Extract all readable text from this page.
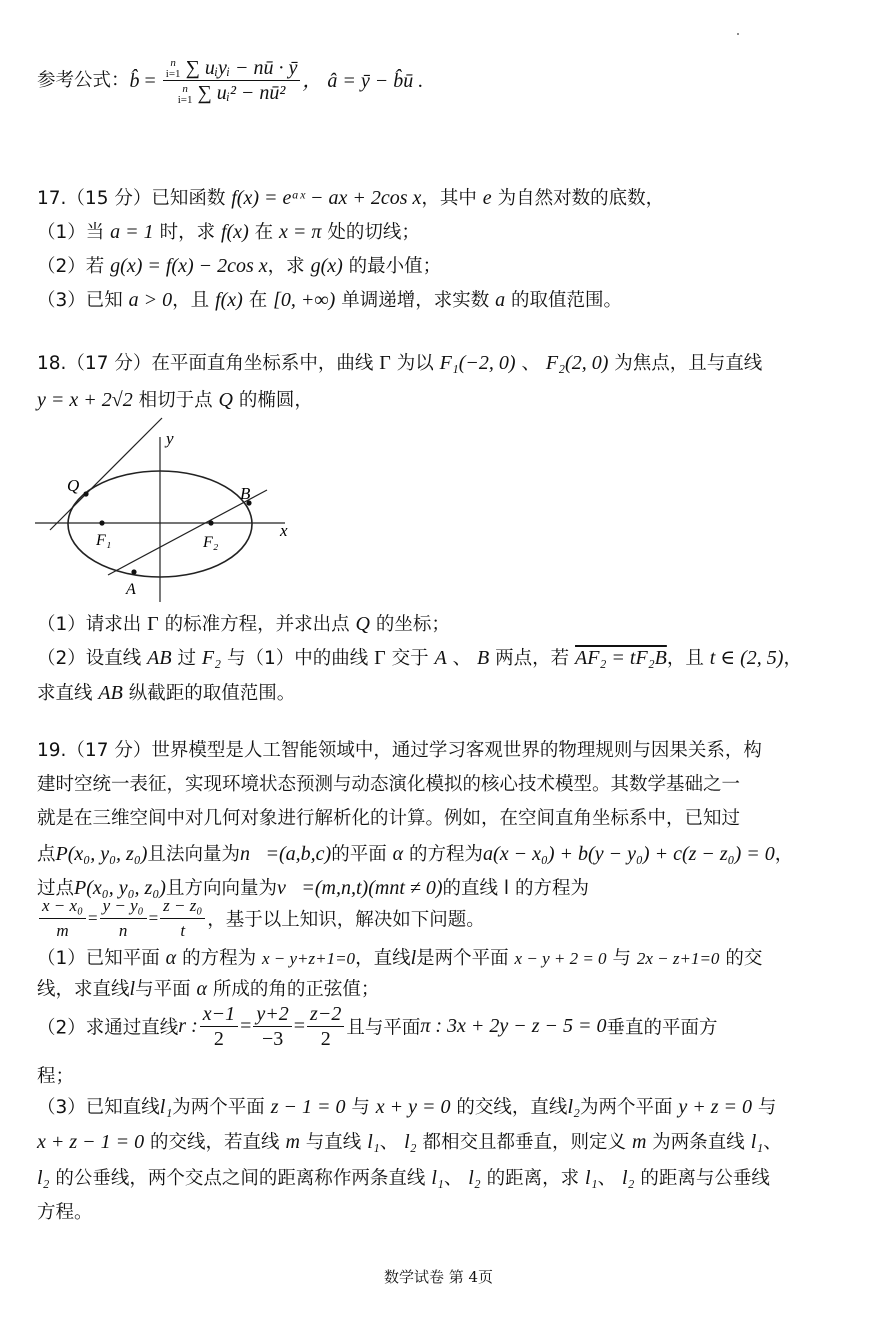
参考公式：b̂ = n
i=1 ∑ uᵢyᵢ − nū · ȳ
n
i=1 ∑ uᵢ² − nū² ， â = ȳ − b̂ū .
17.（15 分）已知函数 f(x) = eᵃˣ − ax + 2cos x，其中 e 为自然对数的底数，
（1）当 a = 1 时，求 f(x) 在 x = π 处的切线；
（2）若 g(x) = f(x) − 2cos x，求 g(x) 的最小值；
（3）已知 a > 0，且 f(x) 在 [0, +∞) 单调递增，求实数 a 的取值范围。
18.（17 分）在平面直角坐标系中，曲线 Γ 为以 F₁(−2, 0) 、 F₂(2, 0) 为焦点，且与直线
y = x + 2√2 相切于点 Q 的椭圆，
y
x
Q	B
F₁	F₂
A
（1）请求出 Γ 的标准方程，并求出点 Q 的坐标；
（2）设直线 AB 过 F₂ 与（1）中的曲线 Γ 交于 A 、 B 两点，若 AF₂ = tF₂B，且 t ∈ (2, 5)，
求直线 AB 纵截距的取值范围。
19.（17 分）世界模型是人工智能领域中，通过学习客观世界的物理规则与因果关系，构
建时空统一表征，实现环境状态预测与动态演化模拟的核心技术模型。其数学基础之一
就是在三维空间中对几何对象进行解析化的计算。例如，在空间直角坐标系中，已知过
点P(x₀, y₀, z₀)且法向量为n⃗=(a,b,c)的平面 α 的方程为a(x − x₀) + b(y − y₀) + c(z − z₀) = 0，
过点P(x₀, y₀, z₀)且方向向量为v⃗=(m,n,t)(mnt ≠ 0)的直线 l 的方程为
$\frac{\text{x − x₀}}{m} = \frac{\text{y − y₀}}{n} = \frac{\text{z − z₀}}{t}$ ，基于以上知识，解决如下问题。
（1）已知平面 α 的方程为 x − y+z+1=0，直线l是两个平面 x − y + 2 = 0 与 2x − z+1=0 的交
线，求直线l与平面 α 所成的角的正弦值；
（2）求通过直线r : $\frac{x-1}{2} = \frac{y+2}{-3} = \frac{z-2}{2}$ 且与平面π : 3x + 2y − z − 5 = 0垂直的平面方
程；
（3）已知直线l₁为两个平面 z − 1 = 0 与 x + y = 0 的交线，直线l₂为两个平面 y + z = 0 与
x + z − 1 = 0 的交线，若直线 m 与直线 l₁、 l₂ 都相交且都垂直，则定义 m 为两条直线 l₁、
l₂ 的公垂线，两个交点之间的距离称作两条直线 l₁、 l₂ 的距离，求 l₁、 l₂ 的距离与公垂线
方程。
数学试卷 第 4页
